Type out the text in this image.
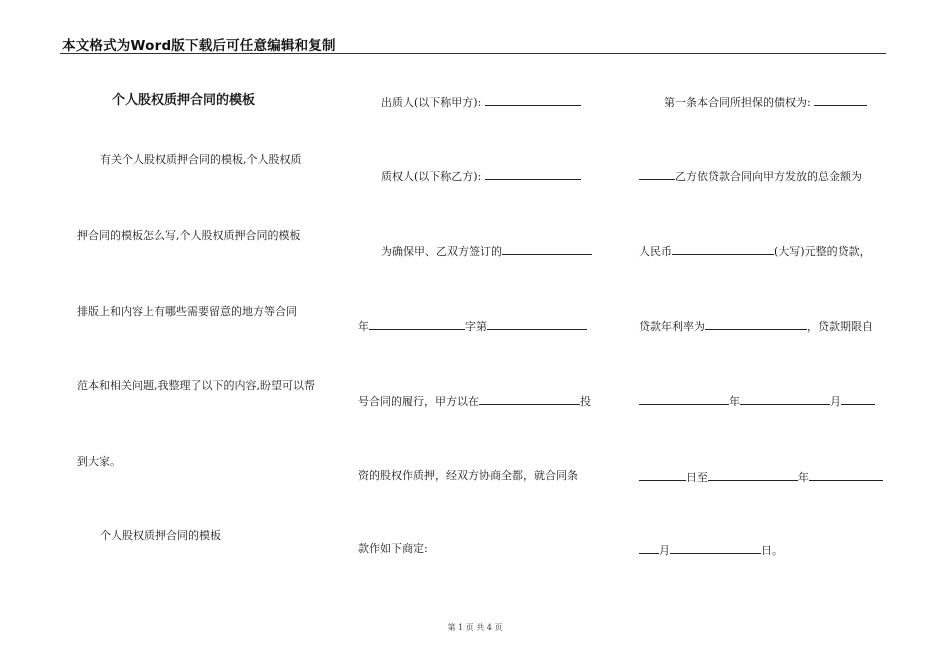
本文格式为Word版下载后可任意编辑和复制
个人股权质押合同的模板
有关个人股权质押合同的模板,个人股权质
押合同的模板怎么写,个人股权质押合同的模板
排版上和内容上有哪些需要留意的地方等合同
范本和相关问题,我整理了以下的内容,盼望可以帮
到大家。
个人股权质押合同的模板
出质人(以下称甲方):
质权人(以下称乙方):
为确保甲、乙双方签订的
年	字第
号合同的履行，甲方以在	投
资的股权作质押，经双方协商全都，就合同条
款作如下商定:
第一条本合同所担保的债权为:
乙方依贷款合同向甲方发放的总金额为
人民币	(大写)元整的贷款，
贷款年利率为	，贷款期限自
年	月
日至	年
月	日。
第 1 页 共 4 页
